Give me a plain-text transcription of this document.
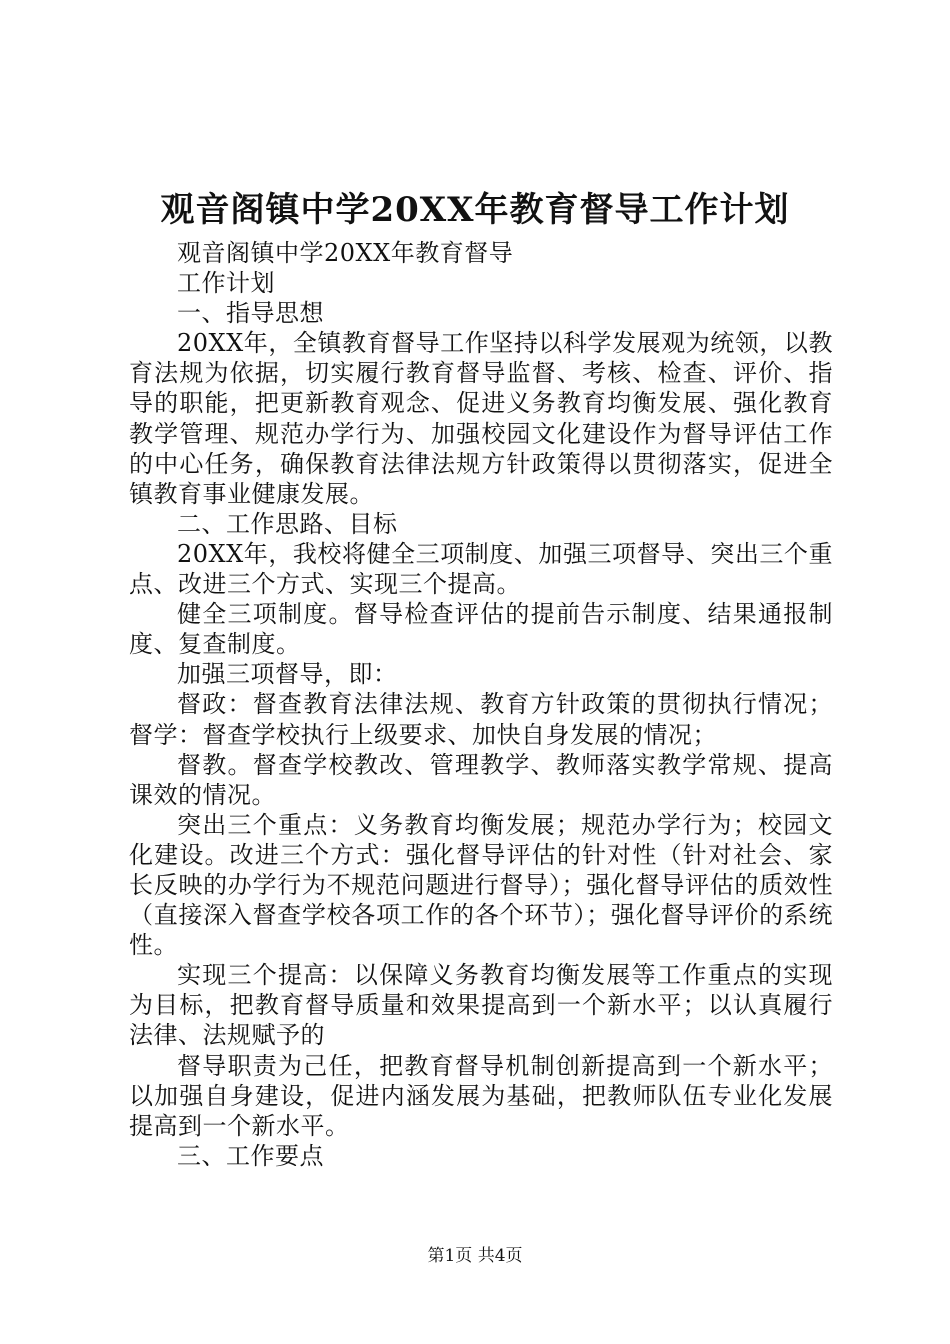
观音阁镇中学20XX年教育督导工作计划

观音阁镇中学20XX年教育督导

工作计划

一、指导思想

20XX年，全镇教育督导工作坚持以科学发展观为统领，以教育法规为依据，切实履行教育督导监督、考核、检查、评价、指导的职能，把更新教育观念、促进义务教育均衡发展、强化教育教学管理、规范办学行为、加强校园文化建设作为督导评估工作的中心任务，确保教育法律法规方针政策得以贯彻落实，促进全镇教育事业健康发展。

二、工作思路、目标

20XX年，我校将健全三项制度、加强三项督导、突出三个重点、改进三个方式、实现三个提高。

健全三项制度。督导检查评估的提前告示制度、结果通报制度、复查制度。

加强三项督导，即：

督政：督查教育法律法规、教育方针政策的贯彻执行情况；督学：督查学校执行上级要求、加快自身发展的情况；

督教。督查学校教改、管理教学、教师落实教学常规、提高课效的情况。

突出三个重点：义务教育均衡发展；规范办学行为；校园文化建设。改进三个方式：强化督导评估的针对性（针对社会、家长反映的办学行为不规范问题进行督导）；强化督导评估的质效性（直接深入督查学校各项工作的各个环节）；强化督导评价的系统性。

实现三个提高：以保障义务教育均衡发展等工作重点的实现为目标，把教育督导质量和效果提高到一个新水平；以认真履行法律、法规赋予的

督导职责为己任，把教育督导机制创新提高到一个新水平；以加强自身建设，促进内涵发展为基础，把教师队伍专业化发展提高到一个新水平。

三、工作要点

第1页 共4页
